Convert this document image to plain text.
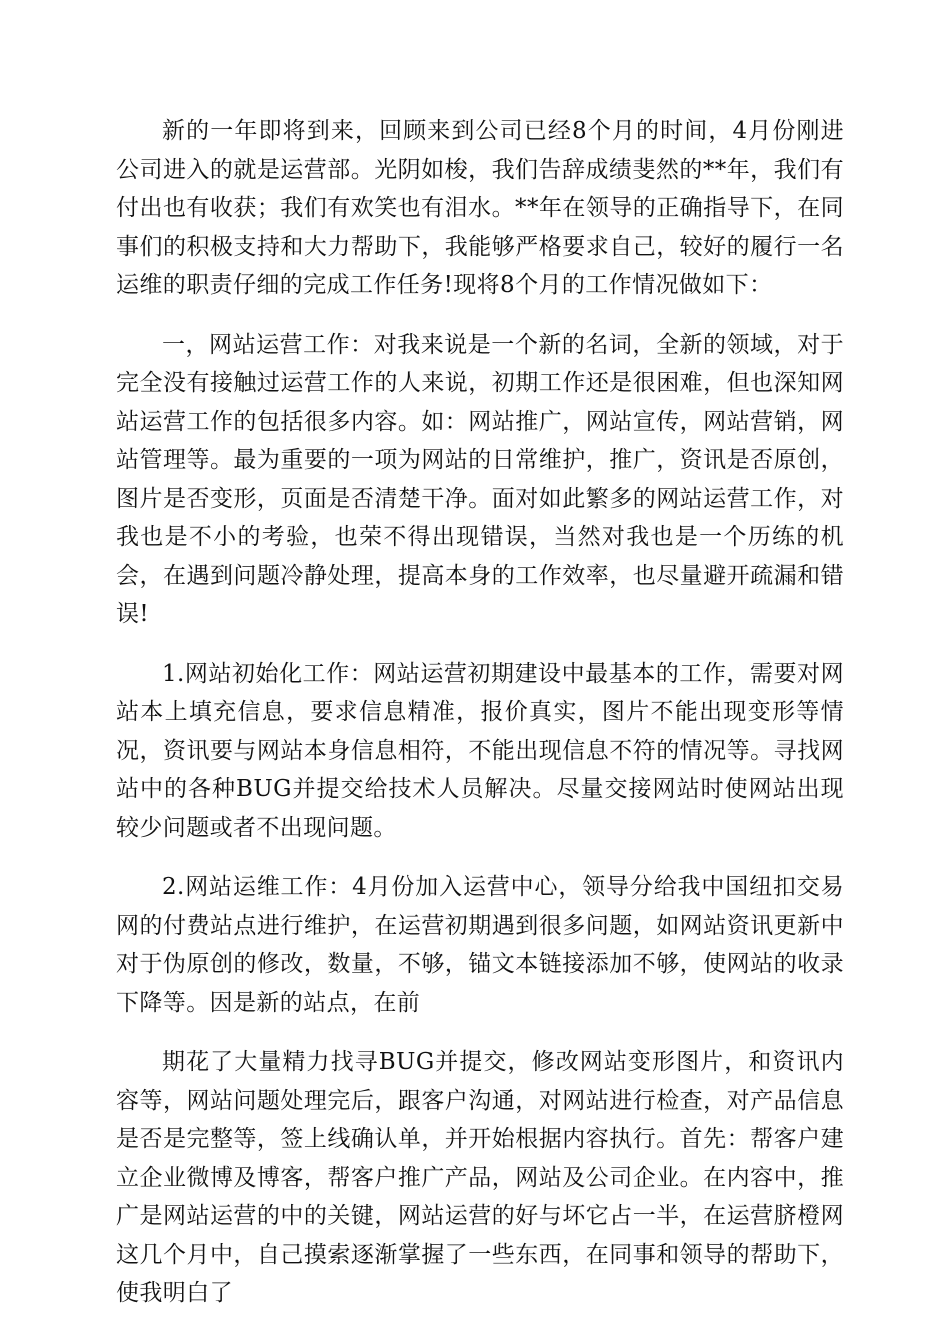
新的一年即将到来，回顾来到公司已经8个月的时间，4月份刚进公司进入的就是运营部。光阴如梭，我们告辞成绩斐然的**年，我们有付出也有收获；我们有欢笑也有泪水。**年在领导的正确指导下，在同事们的积极支持和大力帮助下，我能够严格要求自己，较好的履行一名运维的职责仔细的完成工作任务!现将8个月的工作情况做如下：

一，网站运营工作：对我来说是一个新的名词，全新的领域，对于完全没有接触过运营工作的人来说，初期工作还是很困难，但也深知网站运营工作的包括很多内容。如：网站推广，网站宣传，网站营销，网站管理等。最为重要的一项为网站的日常维护，推广，资讯是否原创，图片是否变形，页面是否清楚干净。面对如此繁多的网站运营工作，对我也是不小的考验，也荣不得出现错误，当然对我也是一个历练的机会，在遇到问题冷静处理，提高本身的工作效率，也尽量避开疏漏和错误!

1.网站初始化工作：网站运营初期建设中最基本的工作，需要对网站本上填充信息，要求信息精准，报价真实，图片不能出现变形等情况，资讯要与网站本身信息相符，不能出现信息不符的情况等。寻找网站中的各种BUG并提交给技术人员解决。尽量交接网站时使网站出现较少问题或者不出现问题。

2.网站运维工作：4月份加入运营中心，领导分给我中国纽扣交易网的付费站点进行维护，在运营初期遇到很多问题，如网站资讯更新中对于伪原创的修改，数量，不够，锚文本链接添加不够，使网站的收录下降等。因是新的站点，在前

期花了大量精力找寻BUG并提交，修改网站变形图片，和资讯内容等，网站问题处理完后，跟客户沟通，对网站进行检查，对产品信息是否是完整等，签上线确认单，并开始根据内容执行。首先：帮客户建立企业微博及博客，帮客户推广产品，网站及公司企业。在内容中，推广是网站运营的中的关键，网站运营的好与坏它占一半，在运营脐橙网这几个月中，自己摸索逐渐掌握了一些东西，在同事和领导的帮助下，使我明白了
